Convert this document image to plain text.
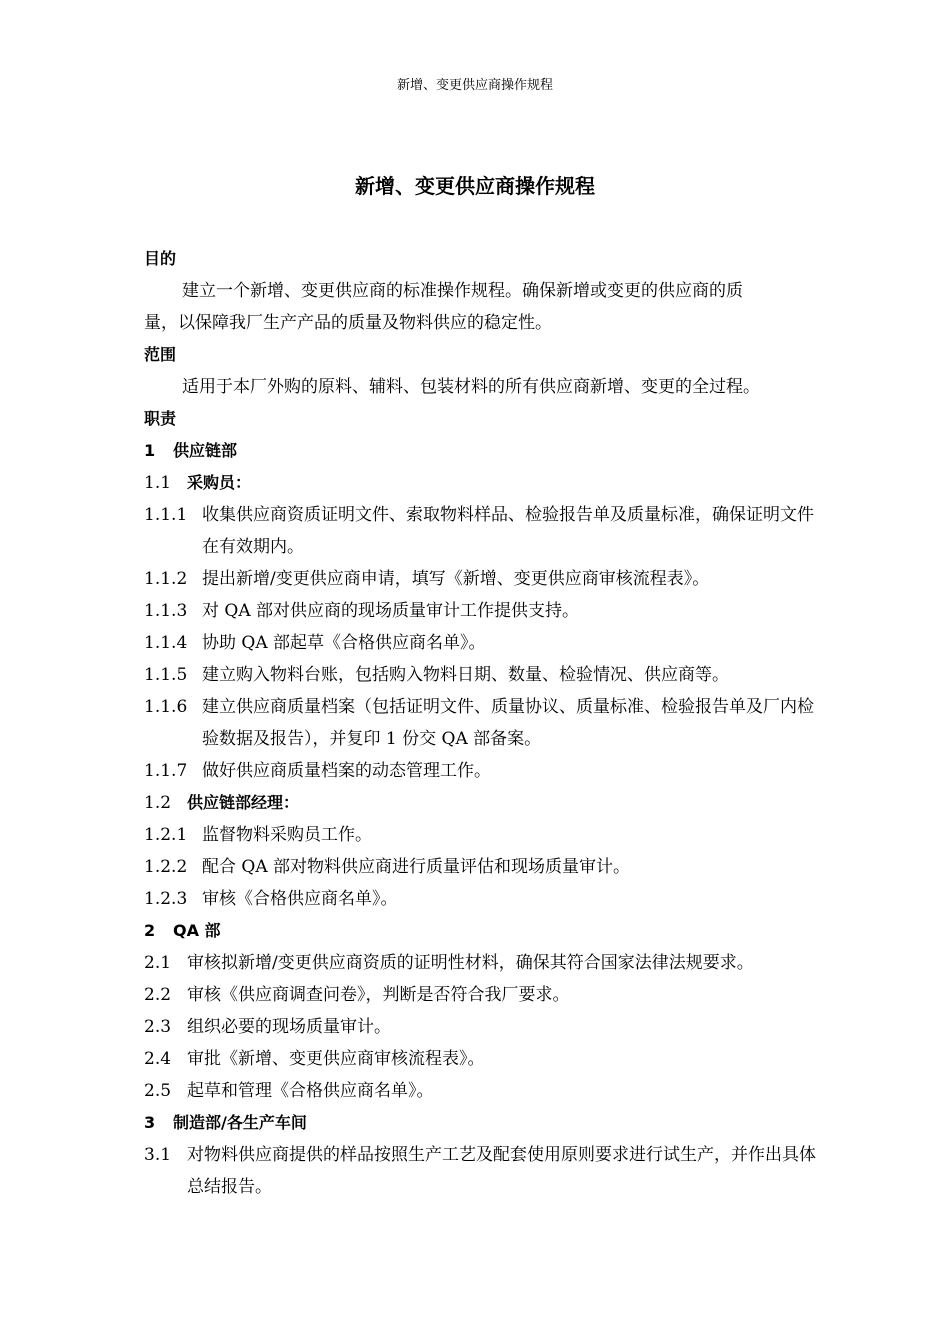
新增、变更供应商操作规程
新增、变更供应商操作规程
目的
建立一个新增、变更供应商的标准操作规程。确保新增或变更的供应商的质
量，以保障我厂生产产品的质量及物料供应的稳定性。
范围
适用于本厂外购的原料、辅料、包装材料的所有供应商新增、变更的全过程。
职责
1	供应链部
1.1 采购员：
1.1.1 收集供应商资质证明文件、索取物料样品、检验报告单及质量标准，确保证明文件在有效期内。
1.1.2 提出新增/变更供应商申请，填写《新增、变更供应商审核流程表》。
1.1.3 对 QA 部对供应商的现场质量审计工作提供支持。
1.1.4 协助 QA 部起草《合格供应商名单》。
1.1.5 建立购入物料台账，包括购入物料日期、数量、检验情况、供应商等。
1.1.6 建立供应商质量档案（包括证明文件、质量协议、质量标准、检验报告单及厂内检验数据及报告），并复印 1 份交 QA 部备案。
1.1.7 做好供应商质量档案的动态管理工作。
1.2 供应链部经理：
1.2.1 监督物料采购员工作。
1.2.2 配合 QA 部对物料供应商进行质量评估和现场质量审计。
1.2.3 审核《合格供应商名单》。
2	QA 部
2.1 审核拟新增/变更供应商资质的证明性材料，确保其符合国家法律法规要求。
2.2 审核《供应商调查问卷》，判断是否符合我厂要求。
2.3 组织必要的现场质量审计。
2.4 审批《新增、变更供应商审核流程表》。
2.5 起草和管理《合格供应商名单》。
3	制造部/各生产车间
3.1 对物料供应商提供的样品按照生产工艺及配套使用原则要求进行试生产，并作出具体总结报告。
